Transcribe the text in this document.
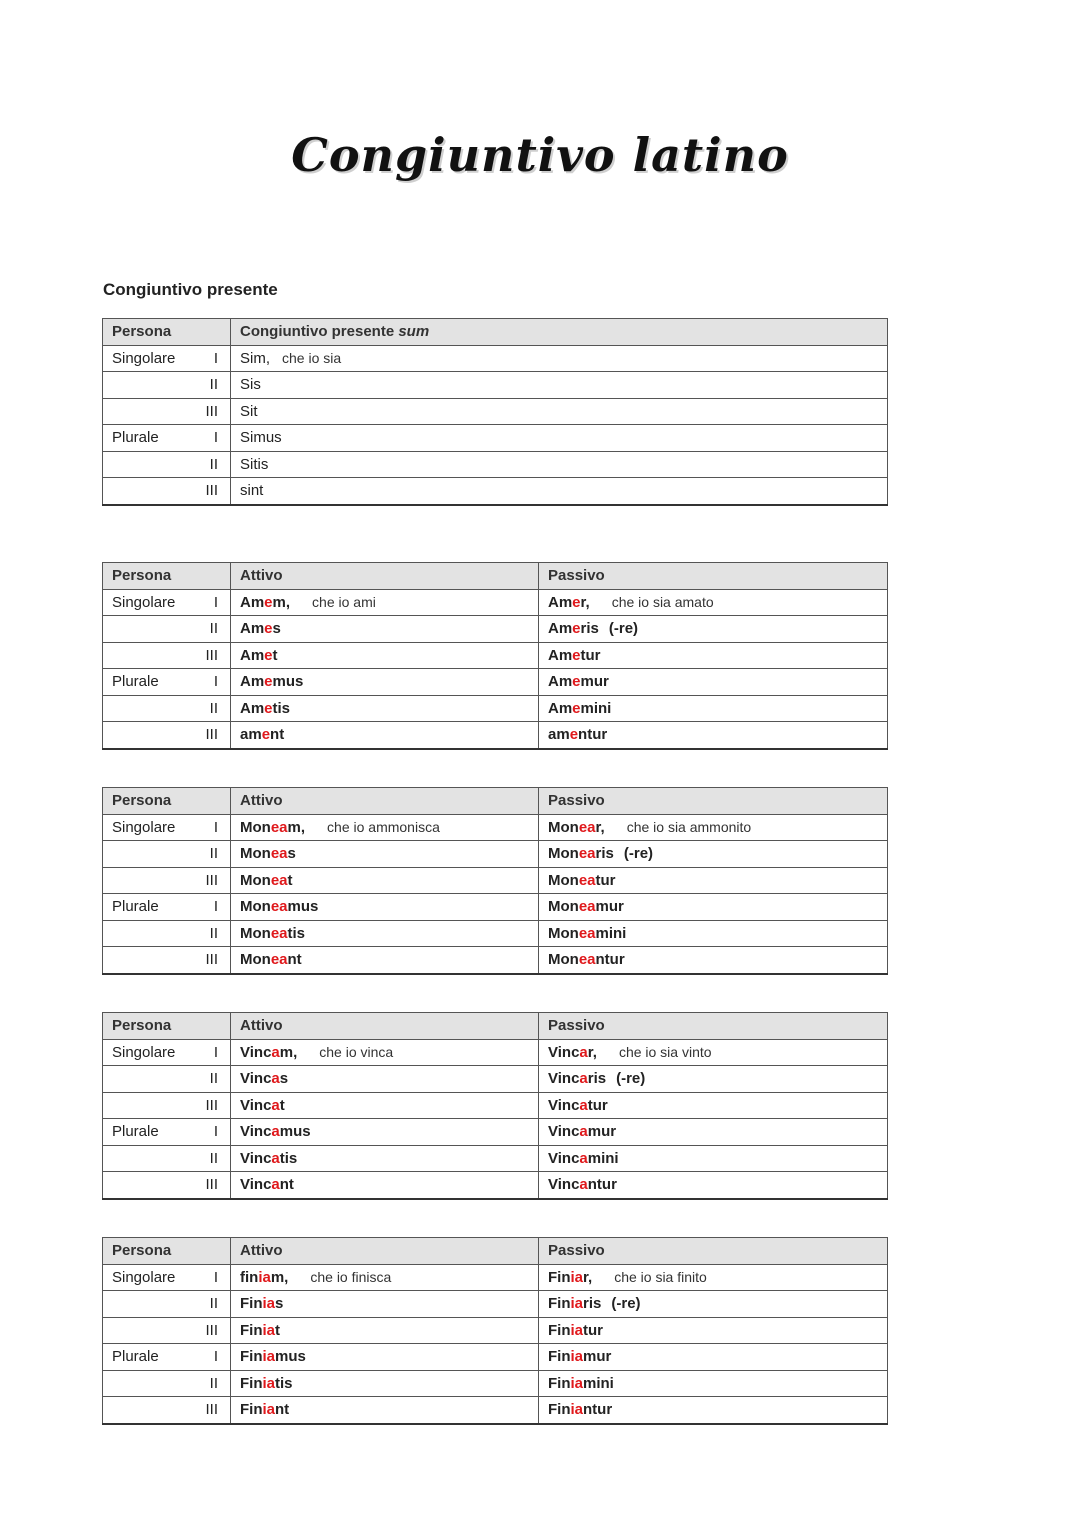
Congiuntivo latino
Congiuntivo presente
Persona		Congiuntivo presente sum
Singolare	I	Sim, che io sia
	II	Sis
	III	Sit
Plurale	I	Simus
	II	Sitis
	III	sint
Persona		Attivo	Passivo
Singolare	I	Amem, che io ami	Amer, che io sia amato
	II	Ames	Ameris (-re)
	III	Amet	Ametur
Plurale	I	Amemus	Amemur
	II	Ametis	Amemini
	III	ament	amentur
Persona		Attivo	Passivo
Singolare	I	Moneam, che io ammonisca	Monear, che io sia ammonito
	II	Moneas	Monearis (-re)
	III	Moneat	Moneatur
Plurale	I	Moneamus	Moneamur
	II	Moneatis	Moneamini
	III	Moneant	Moneantur
Persona		Attivo	Passivo
Singolare	I	Vincam, che io vinca	Vincar, che io sia vinto
	II	Vincas	Vincaris (-re)
	III	Vincat	Vincatur
Plurale	I	Vincamus	Vincamur
	II	Vincatis	Vincamini
	III	Vincant	Vincantur
Persona		Attivo	Passivo
Singolare	I	finiam, che io finisca	Finiar, che io sia finito
	II	Finias	Finiaris (-re)
	III	Finiat	Finiatur
Plurale	I	Finiamus	Finiamur
	II	Finiatis	Finiamini
	III	Finiant	Finiantur
